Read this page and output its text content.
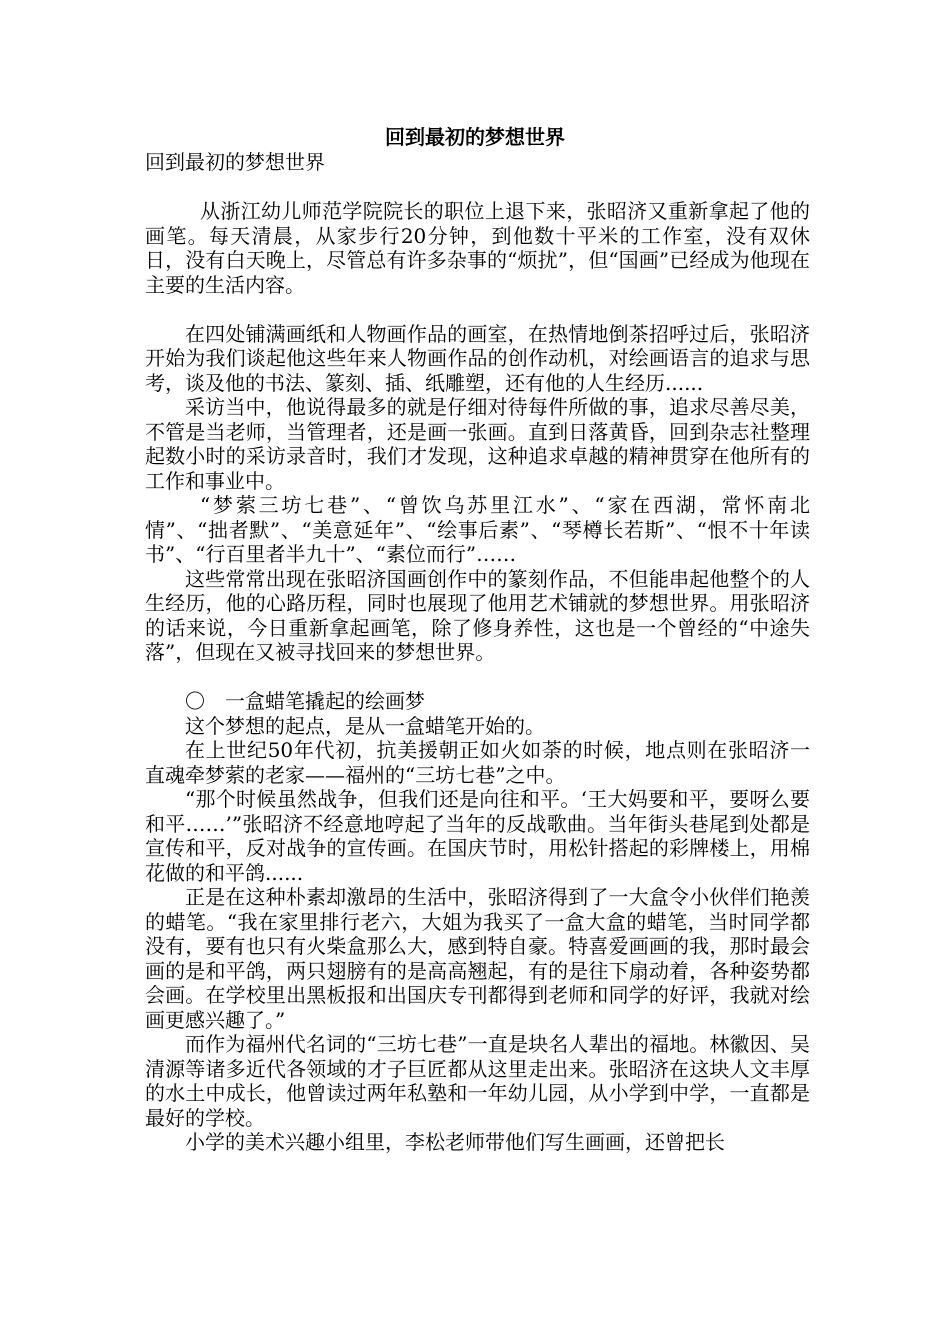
回到最初的梦想世界

回到最初的梦想世界

从浙江幼儿师范学院院长的职位上退下来，张昭济又重新拿起了他的画笔。每天清晨，从家步行20分钟，到他数十平米的工作室，没有双休日，没有白天晚上，尽管总有许多杂事的“烦扰”，但“国画”已经成为他现在主要的生活内容。

在四处铺满画纸和人物画作品的画室，在热情地倒茶招呼过后，张昭济开始为我们谈起他这些年来人物画作品的创作动机，对绘画语言的追求与思考，谈及他的书法、篆刻、插、纸雕塑，还有他的人生经历......

采访当中，他说得最多的就是仔细对待每件所做的事，追求尽善尽美，不管是当老师，当管理者，还是画一张画。直到日落黄昏，回到杂志社整理起数小时的采访录音时，我们才发现，这种追求卓越的精神贯穿在他所有的工作和事业中。

“梦萦三坊七巷”、“曾饮乌苏里江水”、“家在西湖，常怀南北情”、“拙者默”、“美意延年”、“绘事后素”、“琴樽长若斯”、“恨不十年读书”、“行百里者半九十”、“素位而行”……

这些常常出现在张昭济国画创作中的篆刻作品，不但能串起他整个的人生经历，他的心路历程，同时也展现了他用艺术铺就的梦想世界。用张昭济的话来说，今日重新拿起画笔，除了修身养性，这也是一个曾经的“中途失落”，但现在又被寻找回来的梦想世界。

〇　一盒蜡笔撬起的绘画梦

这个梦想的起点，是从一盒蜡笔开始的。

在上世纪50年代初，抗美援朝正如火如荼的时候，地点则在张昭济一直魂牵梦萦的老家——福州的“三坊七巷”之中。

“那个时候虽然战争，但我们还是向往和平。‘王大妈要和平，要呀么要和平……’”张昭济不经意地哼起了当年的反战歌曲。当年街头巷尾到处都是宣传和平，反对战争的宣传画。在国庆节时，用松针搭起的彩牌楼上，用棉花做的和平鸽......

正是在这种朴素却激昂的生活中，张昭济得到了一大盒令小伙伴们艳羡的蜡笔。“我在家里排行老六，大姐为我买了一盒大盒的蜡笔，当时同学都没有，要有也只有火柴盒那么大，感到特自豪。特喜爱画画的我，那时最会画的是和平鸽，两只翅膀有的是高高翘起，有的是往下扇动着，各种姿势都会画。在学校里出黑板报和出国庆专刊都得到老师和同学的好评，我就对绘画更感兴趣了。”

而作为福州代名词的“三坊七巷”一直是块名人辈出的福地。林徽因、吴清源等诸多近代各领域的才子巨匠都从这里走出来。张昭济在这块人文丰厚的水土中成长，他曾读过两年私塾和一年幼儿园，从小学到中学，一直都是最好的学校。

小学的美术兴趣小组里，李松老师带他们写生画画，还曾把长
